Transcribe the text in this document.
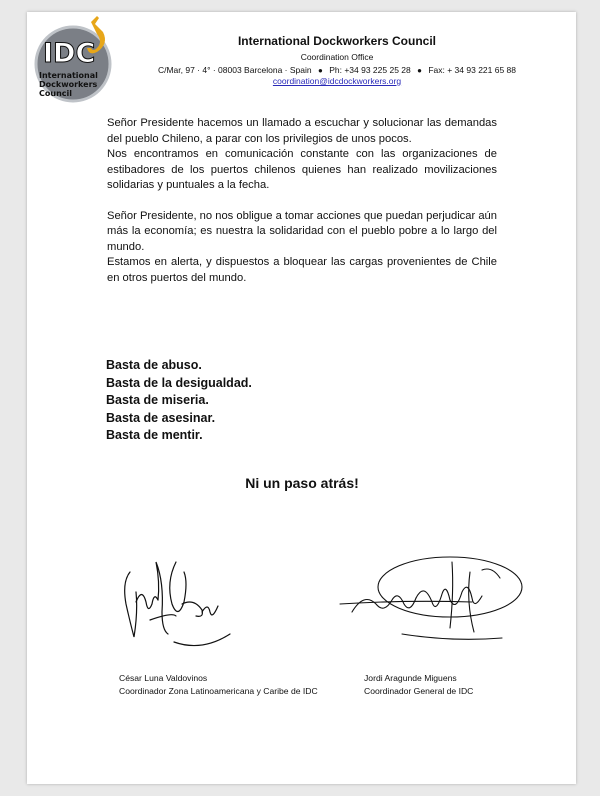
IDC
International
Dockworkers
Council
International Dockworkers Council
Coordination Office
C/Mar, 97 · 4° · 08003 Barcelona · Spain ● Ph: +34 93 225 25 28 ● Fax: + 34 93 221 65 88
coordination@idcdockworkers.org

Señor Presidente hacemos un llamado a escuchar y solucionar las demandas del pueblo Chileno, a parar con los privilegios de unos pocos.

Nos encontramos en comunicación constante con las organizaciones de estibadores de los puertos chilenos quienes han realizado movilizaciones solidarias y puntuales a la fecha.

Señor Presidente, no nos obligue a tomar acciones que puedan perjudicar aún más la economía; es nuestra la solidaridad con el pueblo pobre a lo largo del mundo.

Estamos en alerta, y dispuestos a bloquear las cargas provenientes de Chile en otros puertos del mundo.

Basta de abuso.
Basta de la desigualdad.
Basta de miseria.
Basta de asesinar.
Basta de mentir.
Ni un paso atrás!
César Luna Valdovinos
Coordinador Zona Latinoamericana y Caribe de IDC
Jordi Aragunde Miguens
Coordinador General de IDC
